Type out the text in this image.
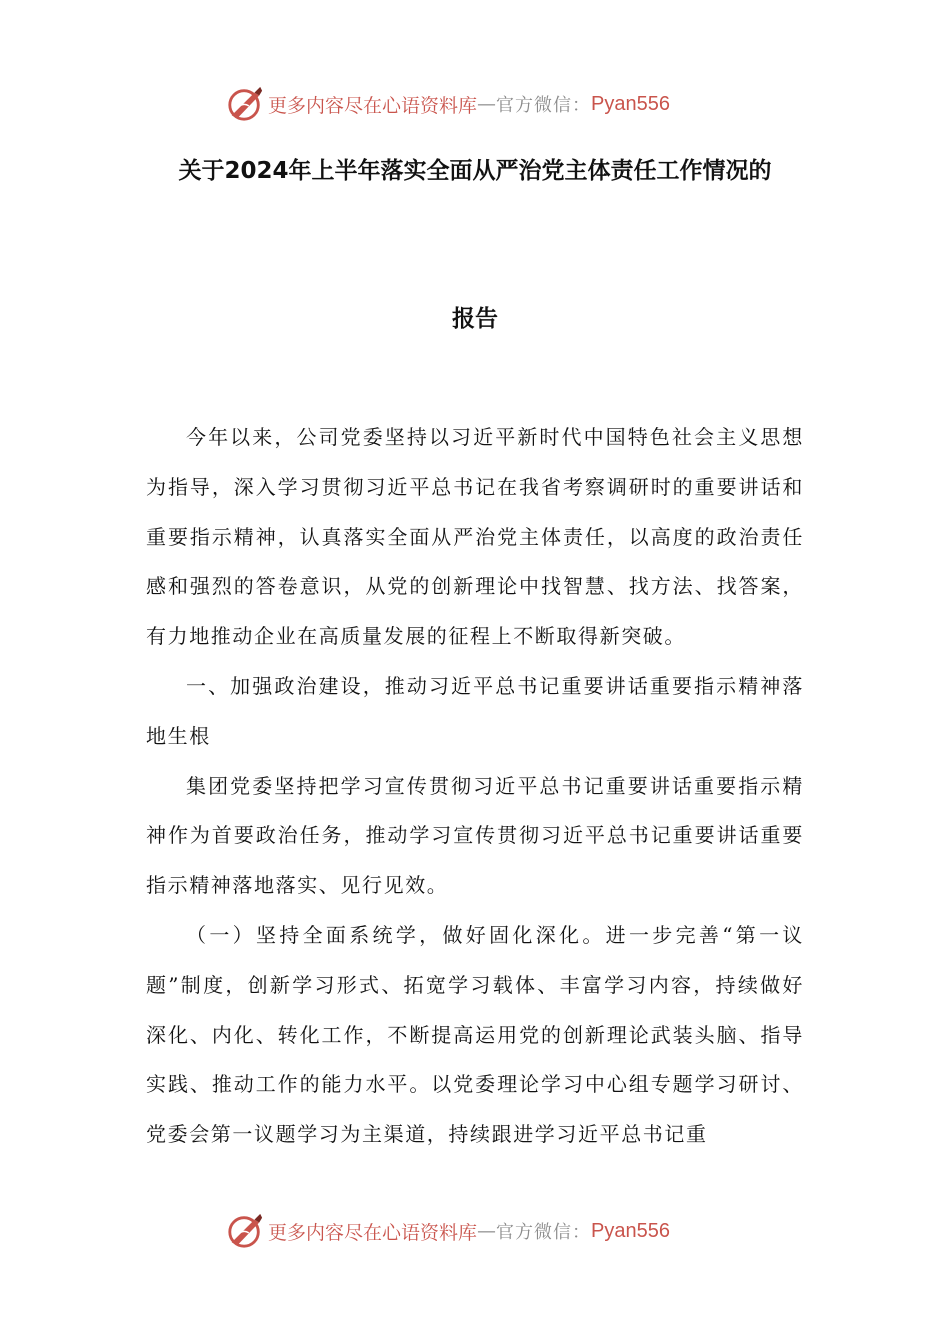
更多内容尽在心语资料库 — 官方微信： Pyan556
关于2024年上半年落实全面从严治党主体责任工作情况的
报告

今年以来，公司党委坚持以习近平新时代中国特色社会主义思想为指导，深入学习贯彻习近平总书记在我省考察调研时的重要讲话和重要指示精神，认真落实全面从严治党主体责任，以高度的政治责任感和强烈的答卷意识，从党的创新理论中找智慧、找方法、找答案，有力地推动企业在高质量发展的征程上不断取得新突破。

一、加强政治建设，推动习近平总书记重要讲话重要指示精神落地生根

集团党委坚持把学习宣传贯彻习近平总书记重要讲话重要指示精神作为首要政治任务，推动学习宣传贯彻习近平总书记重要讲话重要指示精神落地落实、见行见效。

（一）坚持全面系统学，做好固化深化。进一步完善“第一议题”制度，创新学习形式、拓宽学习载体、丰富学习内容，持续做好深化、内化、转化工作，不断提高运用党的创新理论武装头脑、指导实践、推动工作的能力水平。以党委理论学习中心组专题学习研讨、党委会第一议题学习为主渠道，持续跟进学习近平总书记重

更多内容尽在心语资料库 — 官方微信： Pyan556
